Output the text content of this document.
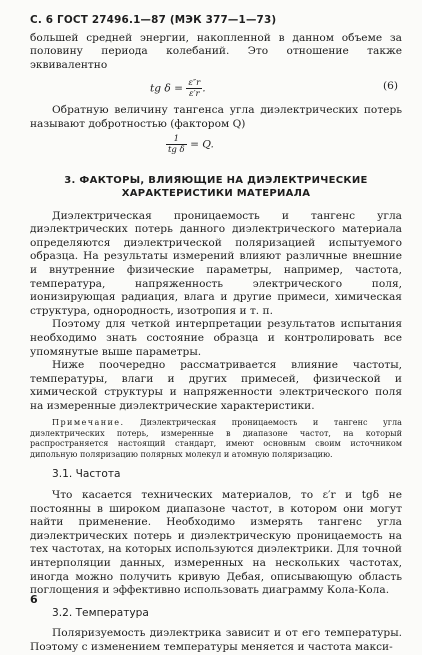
С. 6 ГОСТ 27496.1—87 (МЭК 377—1—73)

большей средней энергии, накопленной в данном объеме за половину периода колебаний. Это отношение также эквивалентно

tg $\delta = \frac{\varepsilon''r}{\varepsilon'r}$ .	(6)

Обратную величину тангенса угла диэлектрических потерь называют добротностью (фактором Q)

$\frac{1}{\text{tg δ}} = Q$.
3. ФАКТОРЫ, ВЛИЯЮЩИЕ НА ДИЭЛЕКТРИЧЕСКИЕ
ХАРАКТЕРИСТИКИ МАТЕРИАЛА

Диэлектрическая проницаемость и тангенс угла диэлектрических потерь данного диэлектрического материала определяются диэлектрической поляризацией испытуемого образца. На результаты измерений влияют различные внешние и внутренние физические параметры, например, частота, температура, напряженность электрического поля, ионизирующая радиация, влага и другие примеси, химическая структура, однородность, изотропия и т. п.

Поэтому для четкой интерпретации результатов испытания необходимо знать состояние образца и контролировать все упомянутые выше параметры.

Ниже поочередно рассматривается влияние частоты, температуры, влаги и других примесей, физической и химической структуры и напряженности электрического поля на измеренные диэлектрические характеристики.

Примечание. Диэлектрическая проницаемость и тангенс угла диэлектрических потерь, измеренные в диапазоне частот, на который распространяется настоящий стандарт, имеют основным своим источником дипольную поляризацию полярных молекул и атомную поляризацию.

3.1. Частота

Что касается технических материалов, то ε′r и tgδ не постоянны в широком диапазоне частот, в котором они могут найти применение. Необходимо измерять тангенс угла диэлектрических потерь и диэлектрическую проницаемость на тех частотах, на которых используются диэлектрики. Для точной интерполяции данных, измеренных на нескольких частотах, иногда можно получить кривую Дебая, описывающую область поглощения и эффективно использовать диаграмму Кола-Кола.

3.2. Температура

Поляризуемость диэлектрика зависит и от его температуры. Поэтому с изменением температуры меняется и частота макси-

6
